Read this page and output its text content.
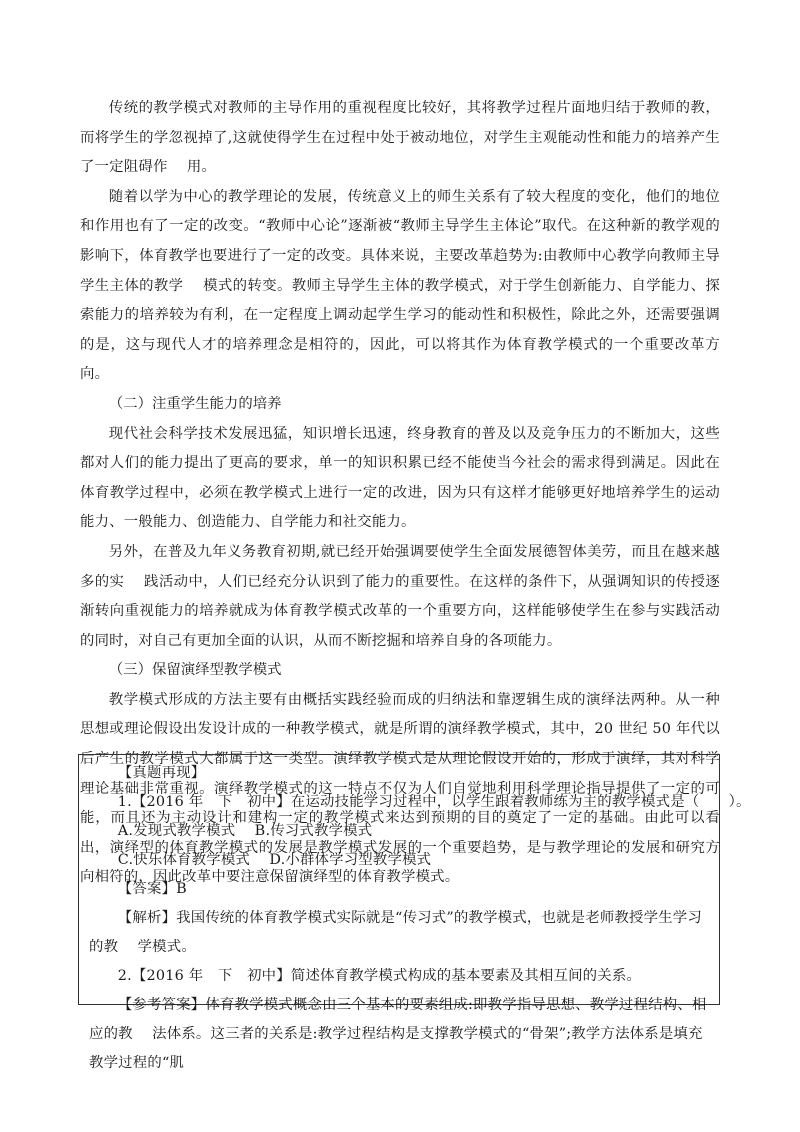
传统的教学模式对教师的主导作用的重视程度比较好，其将教学过程片面地归结于教师的教，而将学生的学忽视掉了,这就使得学生在过程中处于被动地位，对学生主观能动性和能力的培养产生了一定阻碍作　 用。

随着以学为中心的教学理论的发展，传统意义上的师生关系有了较大程度的变化，他们的地位和作用也有了一定的改变。“教师中心论”逐渐被“教师主导学生主体论”取代。在这种新的教学观的影响下，体育教学也要进行了一定的改变。具体来说，主要改革趋势为:由教师中心教学向教师主导学生主体的教学　 模式的转变。教师主导学生主体的教学模式，对于学生创新能力、自学能力、探索能力的培养较为有利，在一定程度上调动起学生学习的能动性和积极性，除此之外，还需要强调的是，这与现代人才的培养理念是相符的，因此，可以将其作为体育教学模式的一个重要改革方向。

（二）注重学生能力的培养

现代社会科学技术发展迅猛，知识增长迅速，终身教育的普及以及竞争压力的不断加大，这些都对人们的能力提出了更高的要求，单一的知识积累已经不能使当今社会的需求得到满足。因此在体育教学过程中，必须在教学模式上进行一定的改进，因为只有这样才能够更好地培养学生的运动能力、一般能力、创造能力、自学能力和社交能力。

另外，在普及九年义务教育初期,就已经开始强调要使学生全面发展德智体美劳，而且在越来越多的实　 践活动中，人们已经充分认识到了能力的重要性。在这样的条件下，从强调知识的传授逐渐转向重视能力的培养就成为体育教学模式改革的一个重要方向，这样能够使学生在参与实践活动的同时，对自己有更加全面的认识，从而不断挖掘和培养自身的各项能力。

（三）保留演绎型教学模式

教学模式形成的方法主要有由概括实践经验而成的归纳法和靠逻辑生成的演绎法两种。从一种思想或理论假设出发设计成的一种教学模式，就是所谓的演绎教学模式，其中，20 世纪 50 年代以后产生的教学模式大都属于这一类型。演绎教学模式是从理论假设开始的，形成于演绎，其对科学理论基础非常重视。演绎教学模式的这一特点不仅为人们自觉地利用科学理论指导提供了一定的可能，而且还为主动设计和建构一定的教学模式来达到预期的目的奠定了一定的基础。由此可以看出，演绎型的体育教学模式的发展是教学模式发展的一个重要趋势，是与教学理论的发展和研究方向相符的，因此改革中要注意保留演绎型的体育教学模式。

【真题再现】

1.【2016 年　下　初中】在运动技能学习过程中，以学生跟着教师练为主的教学模式是（　　）。

A.发现式教学模式　 B.传习式教学模式

C.快乐体育教学模式　 D.小群体学习型教学模式

【答案】B

【解析】我国传统的体育教学模式实际就是“传习式”的教学模式，也就是老师教授学生学习的教　 学模式。

2.【2016 年　下　初中】简述体育教学模式构成的基本要素及其相互间的关系。

【参考答案】体育教学模式概念由三个基本的要素组成:即教学指导思想、教学过程结构、相应的教　 法体系。这三者的关系是:教学过程结构是支撑教学模式的“骨架”;教学方法体系是填充教学过程的“肌
